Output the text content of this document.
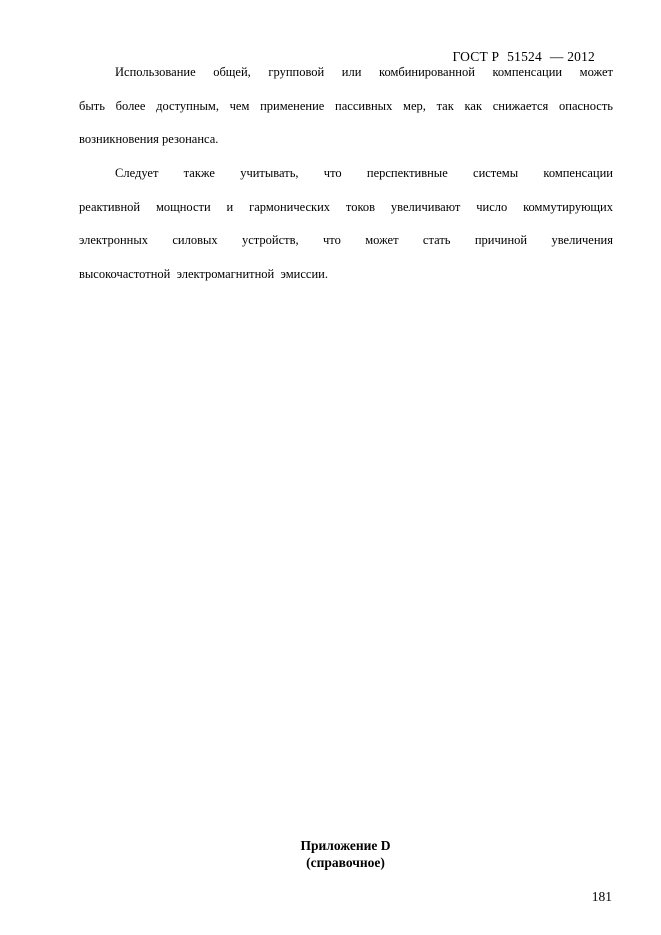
ГОСТ Р 51524 — 2012

Использование общей, групповой или комбинированной компенсации может
быть более доступным, чем применение пассивных мер, так как снижается опасность
возникновения резонанса.
Следует также учитывать, что перспективные системы компенсации
реактивной мощности и гармонических токов увеличивают число коммутирующих
электронных силовых устройств, что может стать причиной увеличения
высокочастотной  электромагнитной  эмиссии.
Приложение D
(справочное)
181
